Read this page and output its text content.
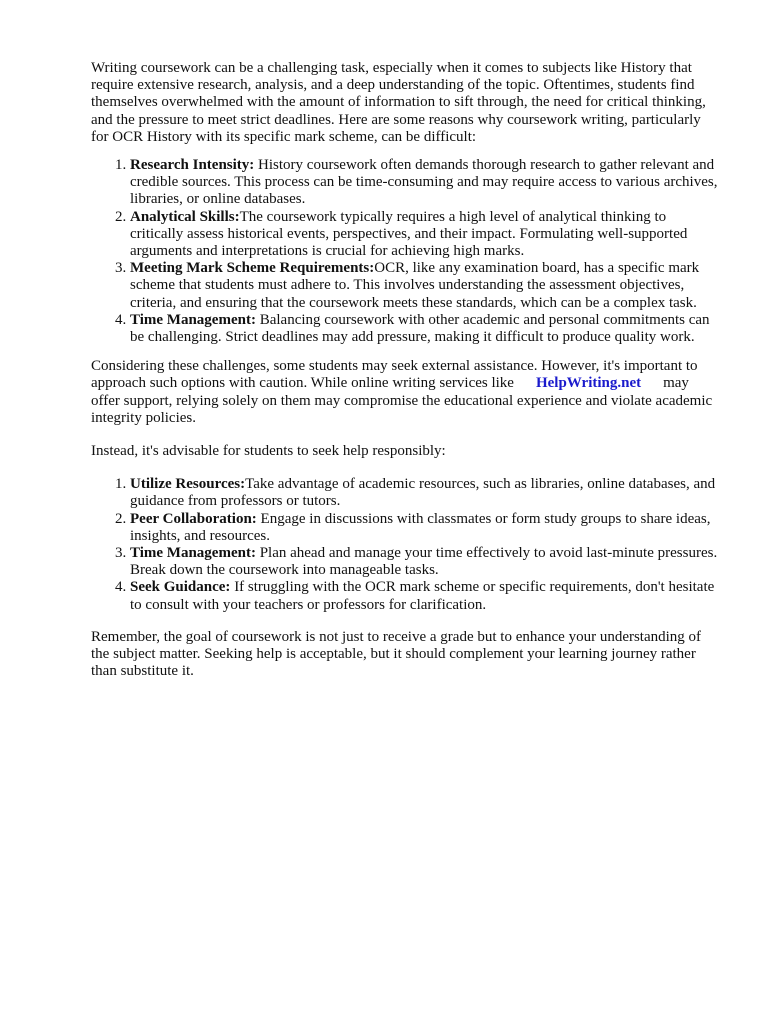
Writing coursework can be a challenging task, especially when it comes to subjects like History that require extensive research, analysis, and a deep understanding of the topic. Oftentimes, students find themselves overwhelmed with the amount of information to sift through, the need for critical thinking, and the pressure to meet strict deadlines. Here are some reasons why coursework writing, particularly for OCR History with its specific mark scheme, can be difficult:

1. Research Intensity: History coursework often demands thorough research to gather relevant and credible sources. This process can be time-consuming and may require access to various archives, libraries, or online databases.
2. Analytical Skills:The coursework typically requires a high level of analytical thinking to critically assess historical events, perspectives, and their impact. Formulating well-supported arguments and interpretations is crucial for achieving high marks.
3. Meeting Mark Scheme Requirements:OCR, like any examination board, has a specific mark scheme that students must adhere to. This involves understanding the assessment objectives, criteria, and ensuring that the coursework meets these standards, which can be a complex task.
4. Time Management: Balancing coursework with other academic and personal commitments can be challenging. Strict deadlines may add pressure, making it difficult to produce quality work.

Considering these challenges, some students may seek external assistance. However, it's important to approach such options with caution. While online writing services like HelpWriting.net may offer support, relying solely on them may compromise the educational experience and violate academic integrity policies.

Instead, it's advisable for students to seek help responsibly:

1. Utilize Resources:Take advantage of academic resources, such as libraries, online databases, and guidance from professors or tutors.
2. Peer Collaboration: Engage in discussions with classmates or form study groups to share ideas, insights, and resources.
3. Time Management: Plan ahead and manage your time effectively to avoid last-minute pressures. Break down the coursework into manageable tasks.
4. Seek Guidance: If struggling with the OCR mark scheme or specific requirements, don't hesitate to consult with your teachers or professors for clarification.

Remember, the goal of coursework is not just to receive a grade but to enhance your understanding of the subject matter. Seeking help is acceptable, but it should complement your learning journey rather than substitute it.
